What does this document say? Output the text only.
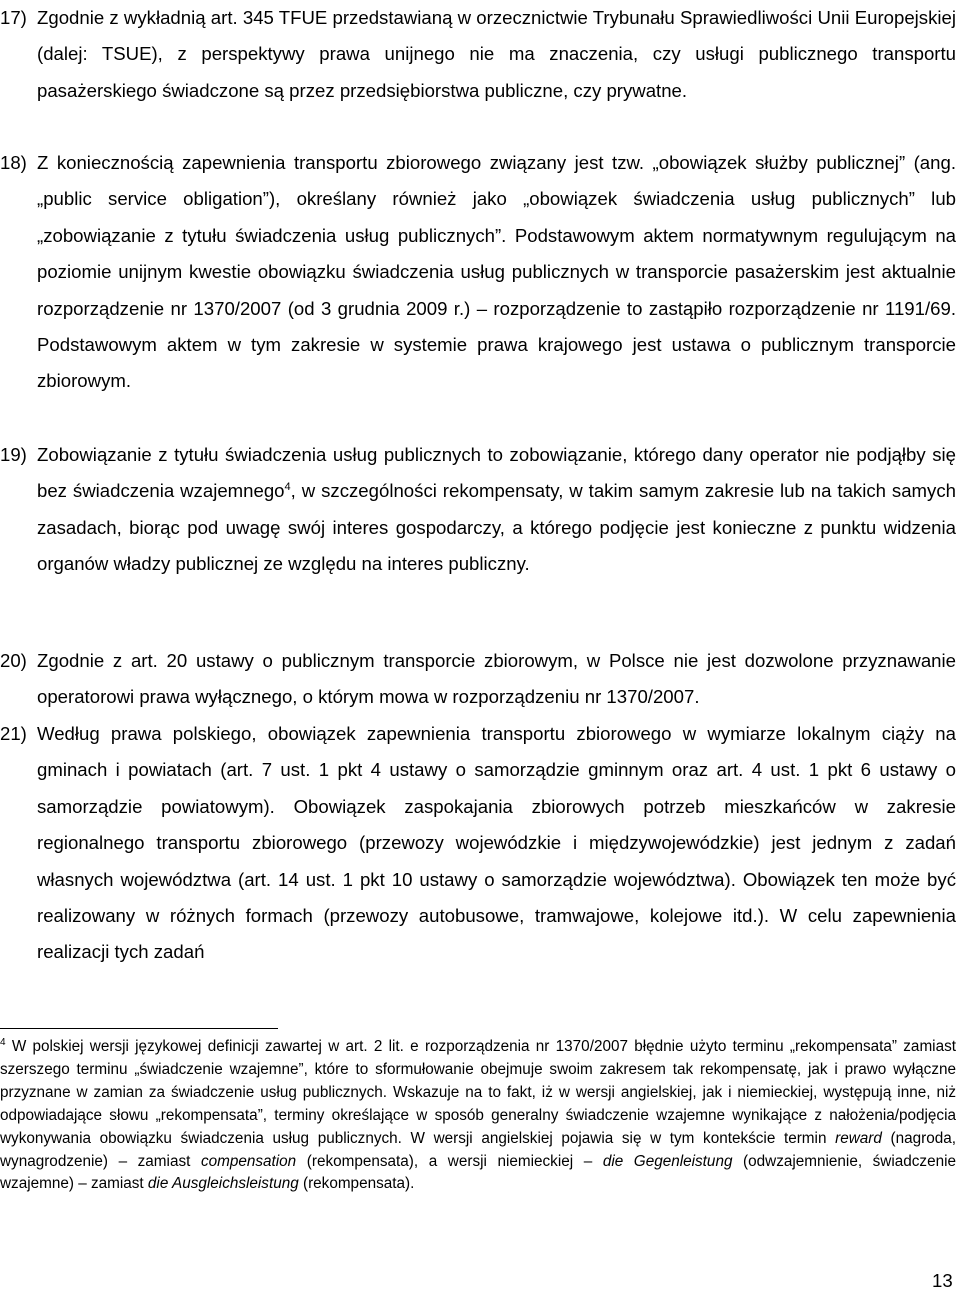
17) Zgodnie z wykładnią art. 345 TFUE przedstawianą w orzecznictwie Trybunału Sprawiedliwości Unii Europejskiej (dalej: TSUE), z perspektywy prawa unijnego nie ma znaczenia, czy usługi publicznego transportu pasażerskiego świadczone są przez przedsiębiorstwa publiczne, czy prywatne.
18) Z koniecznością zapewnienia transportu zbiorowego związany jest tzw. „obowiązek służby publicznej” (ang. „public service obligation”), określany również jako „obowiązek świadczenia usług publicznych” lub „zobowiązanie z tytułu świadczenia usług publicznych”. Podstawowym aktem normatywnym regulującym na poziomie unijnym kwestie obowiązku świadczenia usług publicznych w transporcie pasażerskim jest aktualnie rozporządzenie nr 1370/2007 (od 3 grudnia 2009 r.) – rozporządzenie to zastąpiło rozporządzenie nr 1191/69. Podstawowym aktem w tym zakresie w systemie prawa krajowego jest ustawa o publicznym transporcie zbiorowym.
19) Zobowiązanie z tytułu świadczenia usług publicznych to zobowiązanie, którego dany operator nie podjąłby się bez świadczenia wzajemnego$^4$, w szczególności rekompensaty, w takim samym zakresie lub na takich samych zasadach, biorąc pod uwagę swój interes gospodarczy, a którego podjęcie jest konieczne z punktu widzenia organów władzy publicznej ze względu na interes publiczny.
20) Zgodnie z art. 20 ustawy o publicznym transporcie zbiorowym, w Polsce nie jest dozwolone przyznawanie operatorowi prawa wyłącznego, o którym mowa w rozporządzeniu nr 1370/2007.
21) Według prawa polskiego, obowiązek zapewnienia transportu zbiorowego w wymiarze lokalnym ciąży na gminach i powiatach (art. 7 ust. 1 pkt 4 ustawy o samorządzie gminnym oraz art. 4 ust. 1 pkt 6 ustawy o samorządzie powiatowym). Obowiązek zaspokajania zbiorowych potrzeb mieszkańców w zakresie regionalnego transportu zbiorowego (przewozy wojewódzkie i międzywojewódzkie) jest jednym z zadań własnych województwa (art. 14 ust. 1 pkt 10 ustawy o samorządzie województwa). Obowiązek ten może być realizowany w różnych formach (przewozy autobusowe, tramwajowe, kolejowe itd.). W celu zapewnienia realizacji tych zadań
$^4$ W polskiej wersji językowej definicji zawartej w art. 2 lit. e rozporządzenia nr 1370/2007 błędnie użyto terminu „rekompensata” zamiast szerszego terminu „świadczenie wzajemne”, które to sformułowanie obejmuje swoim zakresem tak rekompensatę, jak i prawo wyłączne przyznane w zamian za świadczenie usług publicznych. Wskazuje na to fakt, iż w wersji angielskiej, jak i niemieckiej, występują inne, niż odpowiadające słowu „rekompensata”, terminy określające w sposób generalny świadczenie wzajemne wynikające z nałożenia/podjęcia wykonywania obowiązku świadczenia usług publicznych. W wersji angielskiej pojawia się w tym kontekście termin reward (nagroda, wynagrodzenie) – zamiast compensation (rekompensata), a wersji niemieckiej – die Gegenleistung (odwzajemnienie, świadczenie wzajemne) – zamiast die Ausgleichsleistung (rekompensata).
13
